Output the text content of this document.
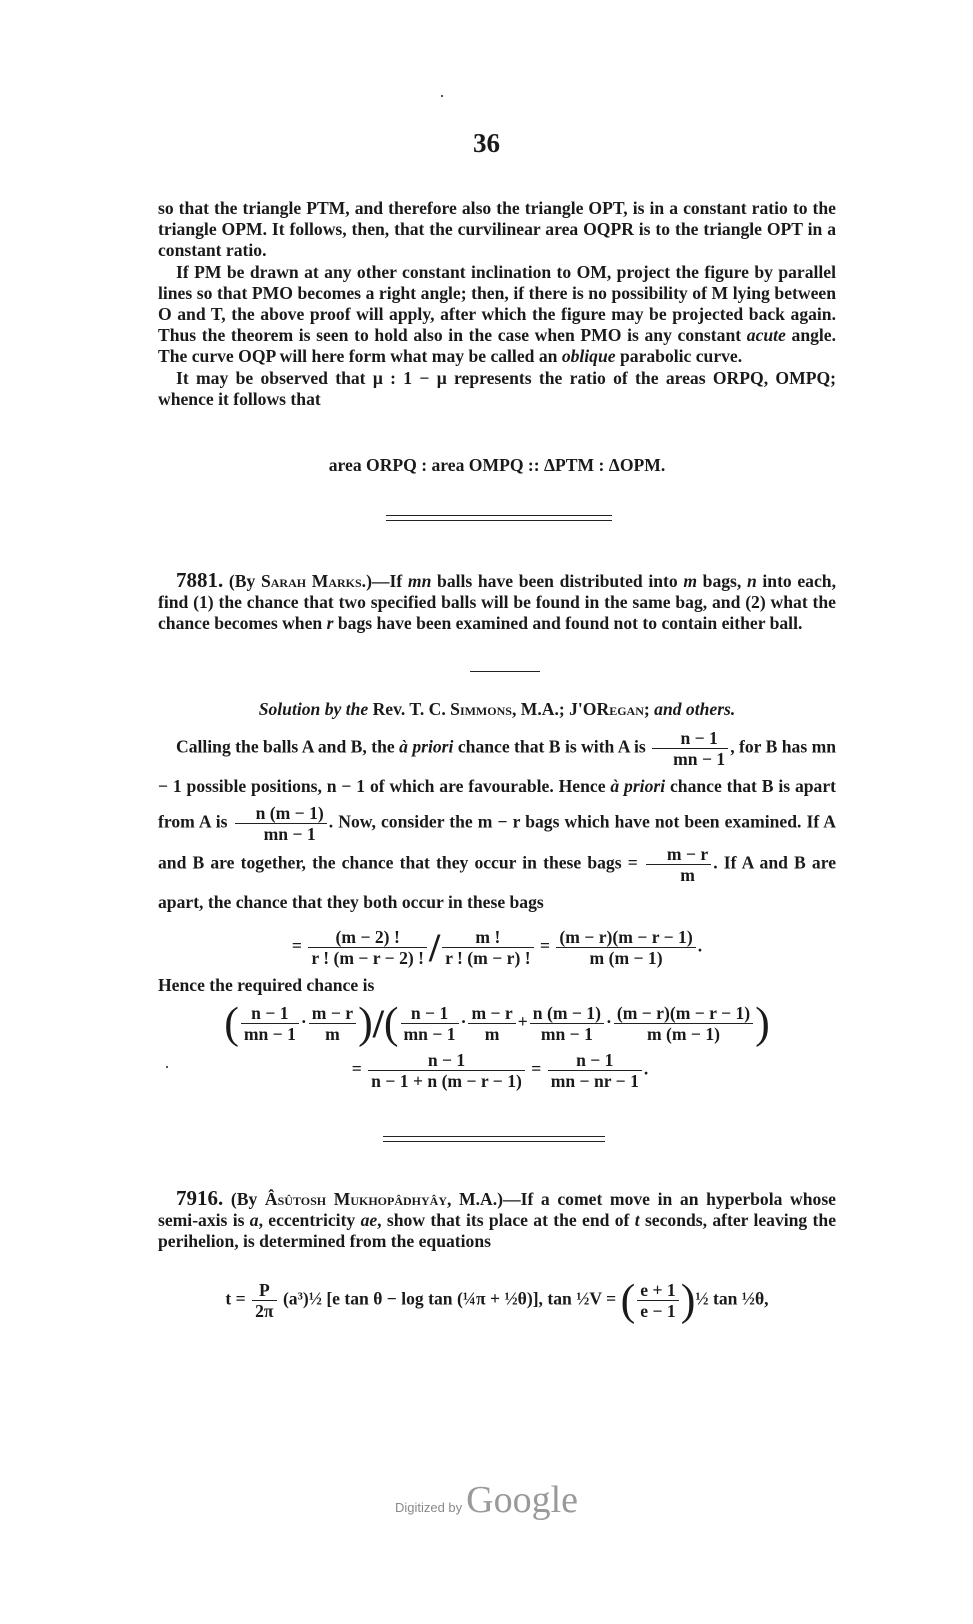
36

so that the triangle PTM, and therefore also the triangle OPT, is in a constant ratio to the triangle OPM. It follows, then, that the curvilinear area OQPR is to the triangle OPT in a constant ratio.

If PM be drawn at any other constant inclination to OM, project the figure by parallel lines so that PMO becomes a right angle; then, if there is no possibility of M lying between O and T, the above proof will apply, after which the figure may be projected back again. Thus the theorem is seen to hold also in the case when PMO is any constant acute angle. The curve OQP will here form what may be called an oblique parabolic curve.

It may be observed that μ : 1 − μ represents the ratio of the areas ORPQ, OMPQ; whence it follows that

area ORPQ : area OMPQ :: ΔPTM : ΔOPM.

7881. (By Sarah Marks.)—If mn balls have been distributed into m bags, n into each, find (1) the chance that two specified balls will be found in the same bag, and (2) what the chance becomes when r bags have been examined and found not to contain either ball.

Solution by the Rev. T. C. Simmons, M.A.; J'ORegan; and others.

Calling the balls A and B, the à priori chance that B is with A is $\frac{n - 1}{mn - 1}$ , for B has mn − 1 possible positions, n − 1 of which are favourable. Hence à priori chance that B is apart from A is $\frac{n (m - 1)}{mn - 1}$ . Now, consider the m − r bags which have not been examined. If A and B are together, the chance that they occur in these bags = $\frac{m - r}{m}$ . If A and B are apart, the chance that they both occur in these bags

= $\frac{(m - 2) !}{r ! (m - r - 2) !} / \frac{m !}{r ! (m - r) !} = \frac{(m - r)(m - r - 1)}{m (m - 1)}$ .
Hence the required chance is
( $\frac{n - 1}{mn - 1} \cdot \frac{m - r}{m}$ )/( $\frac{n - 1}{mn - 1} \cdot \frac{m - r}{m} + \frac{n (m - 1)}{mn - 1} \cdot \frac{(m - r)(m - r - 1)}{m (m - 1)}$ )
= $\frac{n - 1}{n - 1 + n (m - r - 1)} = \frac{n - 1}{mn - nr - 1}$ .

7916. (By Âsûtosh Mukhopâdhyây, M.A.)—If a comet move in an hyperbola whose semi-axis is a, eccentricity ae, show that its place at the end of t seconds, after leaving the perihelion, is determined from the equations

$t = \frac{P}{2\pi}$ (a³)½ [e tan θ − log tan (¼π + ½θ)], tan ½V = ( $\frac{e + 1}{e - 1}$ )½ tan ½θ,
Digitized by Google
